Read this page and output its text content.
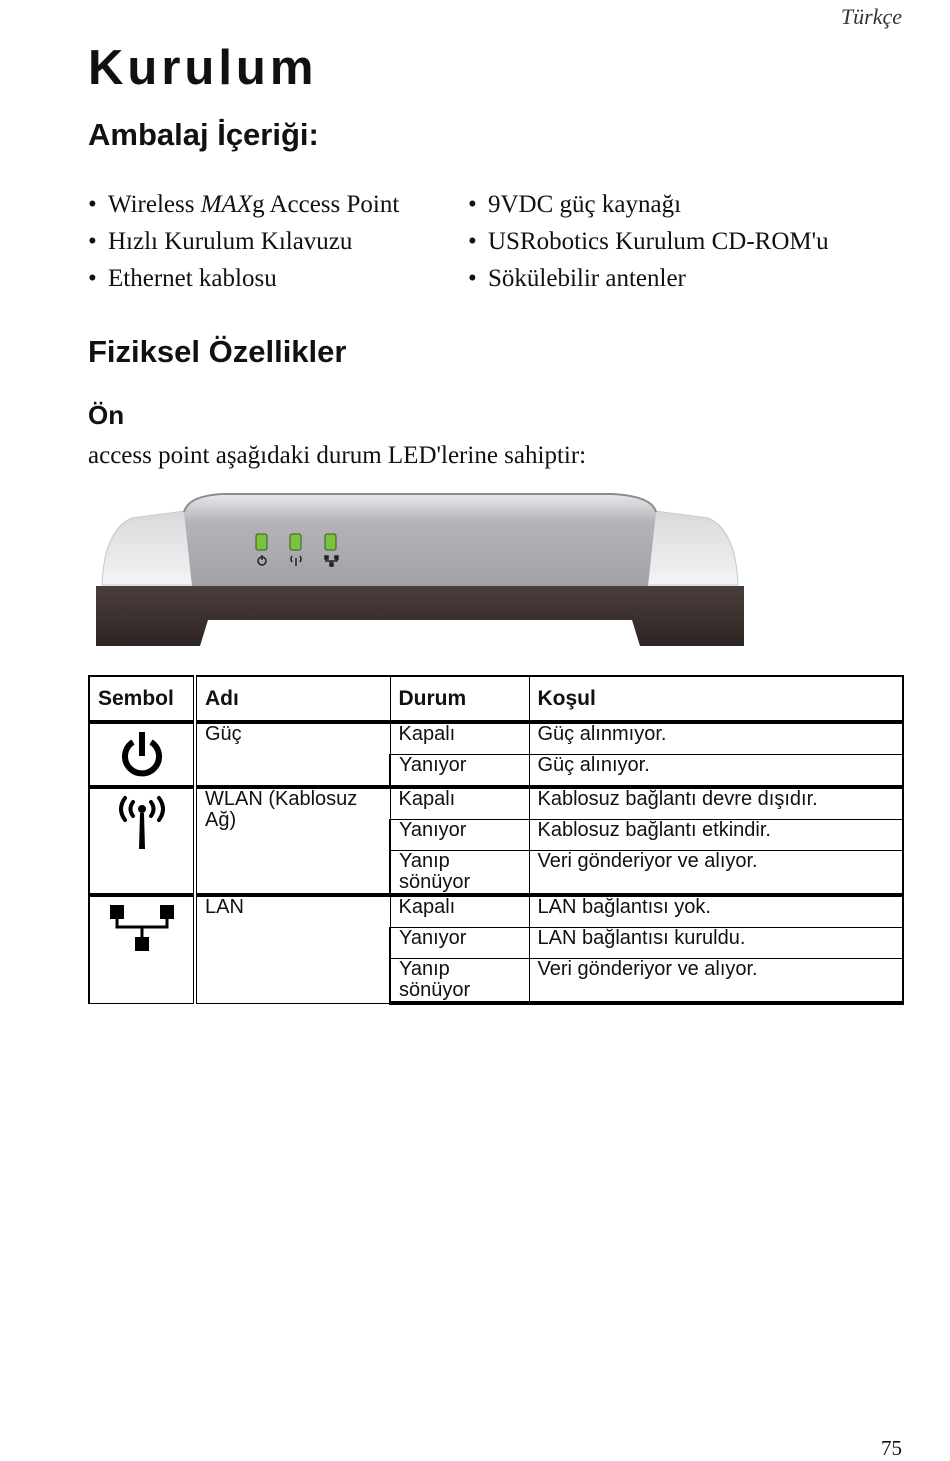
Türkçe
Kurulum
Ambalaj İçeriği:
• Wireless MAXg Access Point
• Hızlı Kurulum Kılavuzu
• Ethernet kablosu
• 9VDC güç kaynağı
• USRobotics Kurulum CD-ROM'u
• Sökülebilir antenler
Fiziksel Özellikler
Ön

access point aşağıdaki durum LED'lerine sahiptir:

Sembol	Adı	Durum	Koşul

	Güç	Kapalı	Güç alınmıyor.
		Yanıyor	Güç alınıyor.

	WLAN (Kablosuz Ağ)	Kapalı	Kablosuz bağlantı devre dışıdır.
		Yanıyor	Kablosuz bağlantı etkindir.
		Yanıp sönüyor	Veri gönderiyor ve alıyor.

	LAN	Kapalı	LAN bağlantısı yok.
		Yanıyor	LAN bağlantısı kuruldu.
		Yanıp sönüyor	Veri gönderiyor ve alıyor.
75
